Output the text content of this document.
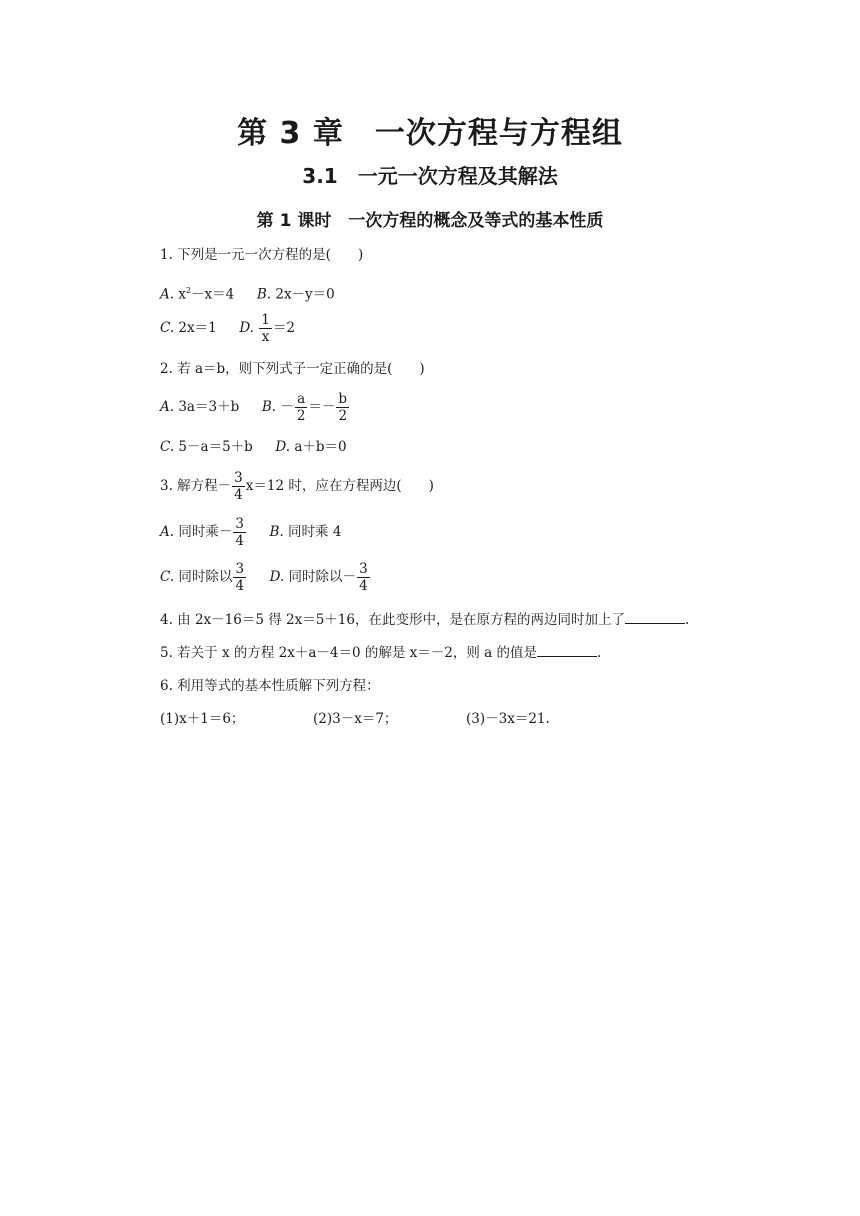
第 3 章　一次方程与方程组
3.1　一元一次方程及其解法
第 1 课时　一次方程的概念及等式的基本性质
1. 下列是一元一次方程的是(　　)
A. $x^2-x=4$ B. 2x－y＝0
C. 2x＝1 D. $\frac{1}{x} =2$
2. 若 a＝b，则下列式子一定正确的是(　　)
A. 3a＝3＋b B. － $\frac{a}{2} =- \frac{b}{2}$
C. 5－a＝5＋b D. a＋b＝0
3. 解方程－ $\frac{3}{4} x=12$ 时，应在方程两边(　　)
A. 同时乘－ $\frac{3}{4} B$. 同时乘 4
C. 同时除以 $\frac{3}{4} D$. 同时除以－ $\frac{3}{4}$
4. 由 2x－16＝5 得 2x＝5＋16，在此变形中，是在原方程的两边同时加上了	.
5. 若关于 x 的方程 2x＋a－4＝0 的解是 x＝－2，则 a 的值是	.
6. 利用等式的基本性质解下列方程：
(1)x＋1＝6；	(2)3－x＝7；	(3)－3x＝21.
